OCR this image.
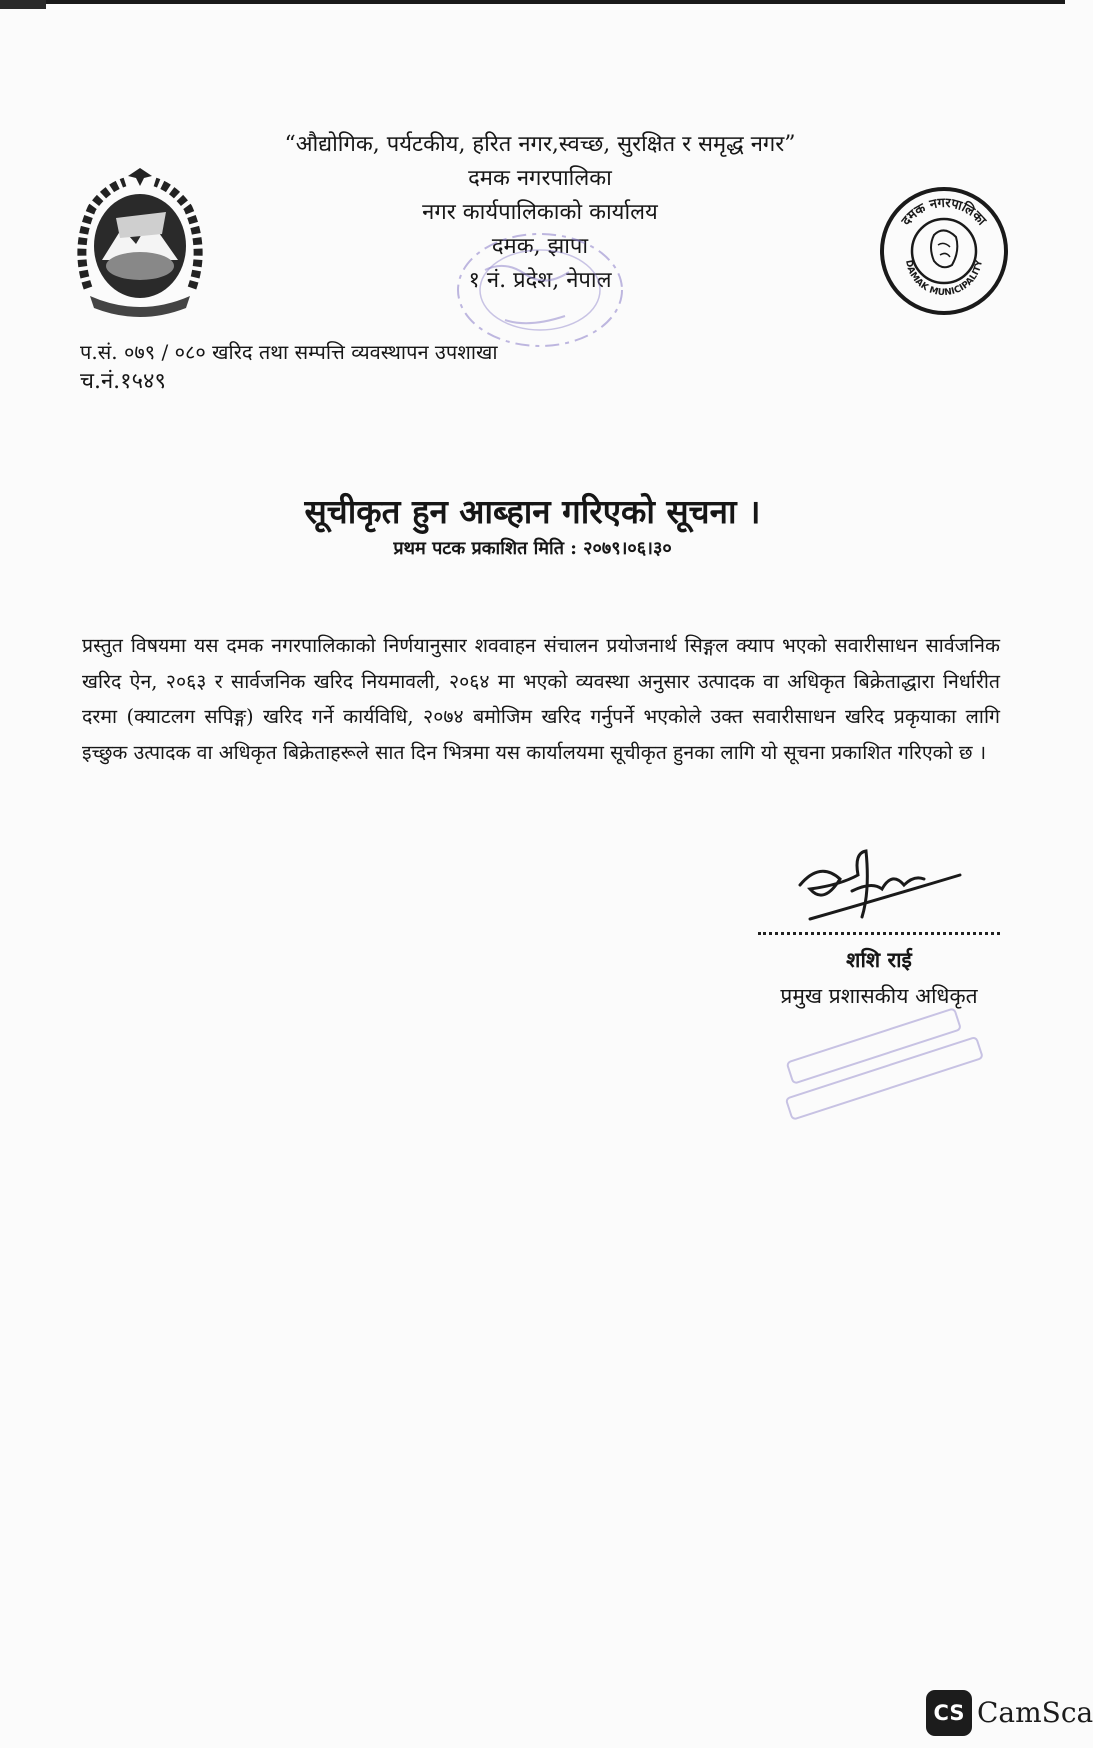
“औद्योगिक, पर्यटकीय, हरित नगर,स्वच्छ, सुरक्षित र समृद्ध नगर”
दमक नगरपालिका
नगर कार्यपालिकाको कार्यालय
दमक, झापा
१ नं. प्रदेश, नेपाल
दमक नगरपालिका
DAMAK MUNICIPALITY
प.सं. ०७९ / ०८० खरिद तथा सम्पत्ति व्यवस्थापन उपशाखा
च.नं.१५४९
सूचीकृत हुन आब्हान गरिएको सूचना ।
प्रथम पटक प्रकाशित मिति : २०७९।०६।३०
प्रस्तुत विषयमा यस दमक नगरपालिकाको निर्णयानुसार शववाहन संचालन प्रयोजनार्थ सिङ्गल क्याप भएको सवारीसाधन सार्वजनिक खरिद ऐन, २०६३ र सार्वजनिक खरिद नियमावली, २०६४ मा भएको व्यवस्था अनुसार उत्पादक वा अधिकृत बिक्रेताद्धारा निर्धारीत दरमा (क्याटलग सपिङ्ग) खरिद गर्ने कार्यविधि, २०७४ बमोजिम खरिद गर्नुपर्ने भएकोले उक्त सवारीसाधन खरिद प्रकृयाका लागि इच्छुक उत्पादक वा अधिकृत बिक्रेताहरूले सात दिन भित्रमा यस कार्यालयमा सूचीकृत हुनका लागि यो सूचना प्रकाशित गरिएको छ ।
शशि राई
प्रमुख प्रशासकीय अधिकृत
CS CamSca
